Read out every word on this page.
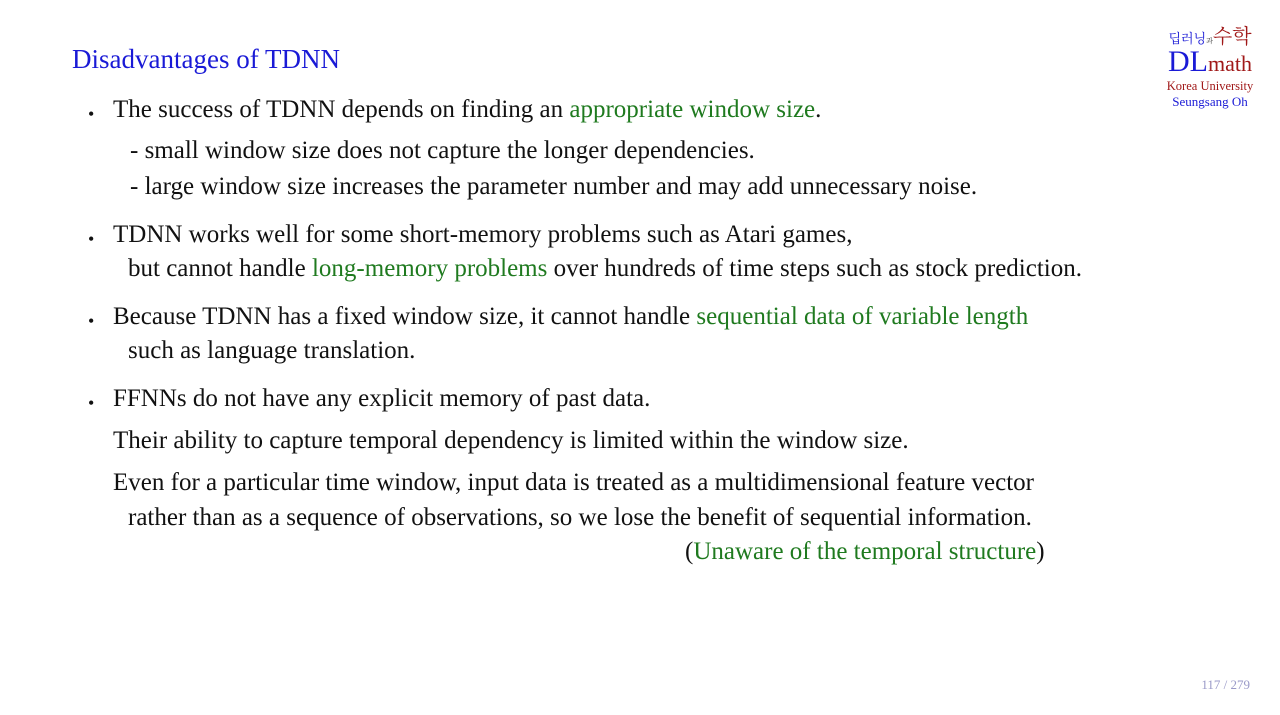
Disadvantages of TDNN
딥러닝과수학
DLmath
Korea University
Seungsang Oh
• The success of TDNN depends on finding an appropriate window size.
- small window size does not capture the longer dependencies.
- large window size increases the parameter number and may add unnecessary noise.
• TDNN works well for some short-memory problems such as Atari games,
but cannot handle long-memory problems over hundreds of time steps such as stock prediction.
• Because TDNN has a fixed window size, it cannot handle sequential data of variable length
such as language translation.
• FFNNs do not have any explicit memory of past data.
Their ability to capture temporal dependency is limited within the window size.
Even for a particular time window, input data is treated as a multidimensional feature vector
rather than as a sequence of observations, so we lose the benefit of sequential information.
(Unaware of the temporal structure)
117 / 279
